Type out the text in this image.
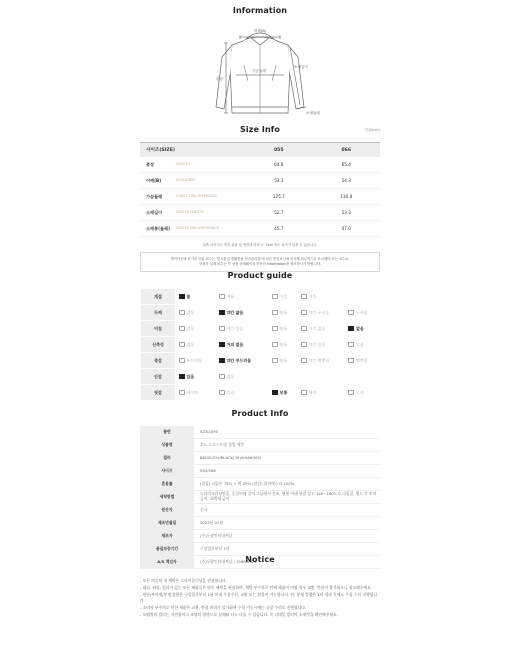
Information
어깨(B)
가슴둘레
소매길이
총장
소매둘레
Size Info	단위(cm)
사이즈(SIZE)		055	066
총장	LENGTH	64.8	65.4
어깨(B)	SHOULDER	53.3	54.3
가슴둘레	CHEST CIRCUMFERENCE	125.7	130.8
소매길이	SLEEVE LENGTH	52.7	53.3
소매통(둘레)	SLEEVE CIRCUMFERENCE	45.7	47.0
실측 사이즈는 측정 위치 및 방법에 따라 1~2cm 정도 차이가 있을 수 있습니다.
케이아웃에 표기된 단위 치수는 '한국품질 생활용품 안전관리법'에 따른 통일표시에 의거해 의무적으로 표시해야 하는 치수로,
상품의 실제 치수는 각 상품 상세페이지 하단의 Information을 참조하시기 바랍니다.
Product guide
계절	봄	여름	가을	겨울	
두께	얇음	약간 얇음	보통	약간 두꺼움	두꺼움
비침	있음	약간 있음	보통	거의 없음	없음
신축성	없음	거의 없음	보통	약간 있음	있음
촉감	부드러움	약간 부드러움	보통	약간 뻣뻣함	뻣뻣함
안감	있음	없음			
핏감	타이트	슬림	보통	세미	루즈
Product Info
품번	SZ3LUJ90
상품명	후드 드로스트링 집업 재킷
컬러	BEIGE(25)/BLACK(39)/KHAKI(65)
사이즈	055/066
혼용률	(겉감) 나일론 75% + 면 25% (안감) 폴리에스터 100%
세탁방법	드라이크리닝만을, 옷걸이에 걸어 그늘에서 건조, 햇빛 아래 한결 칼고 140~160도로 다림질, 햇드 가 보며 금지, 표백제 금지
원산지	중국
제조년월일	2023년 02월
제조자	(주)동광인터내셔날
품질보증기간	구입일로부터 1년
A/S 책임자	(주)동광인터내셔날 / 1588-2724
Notice

- 모든 의류의 첫 세탁은 드라이클리닝을 권장합니다.

- 대님, 워싱, 컬러가 있는 모든 제품들은 단독 세탁을 권장하며, 세탁 부주의로 인해 제품이 이염 경우 교환, 반품이 불가하오니 참고해주세요.

- 원단/부자재/봉제 불량은 구입일로부터 1년 이내 무상수선, 교환 또는 환불이 가능합니다. 단, 봉제 불량은 1년 경과 후에도 무상 수리 진행됩니다.

- 소비자 부주의로 인한 제품은 교환, 반품 처리가 불가하며 수리 가능시에는 유상 수리로 진행됩니다.

- 모델컷의 컬러는 자연광이나 조명의 영향으로 실제와 다소 다를 수 있습니다. 꼭 디테일 컬러의 소재컷을 확인해주세요.
